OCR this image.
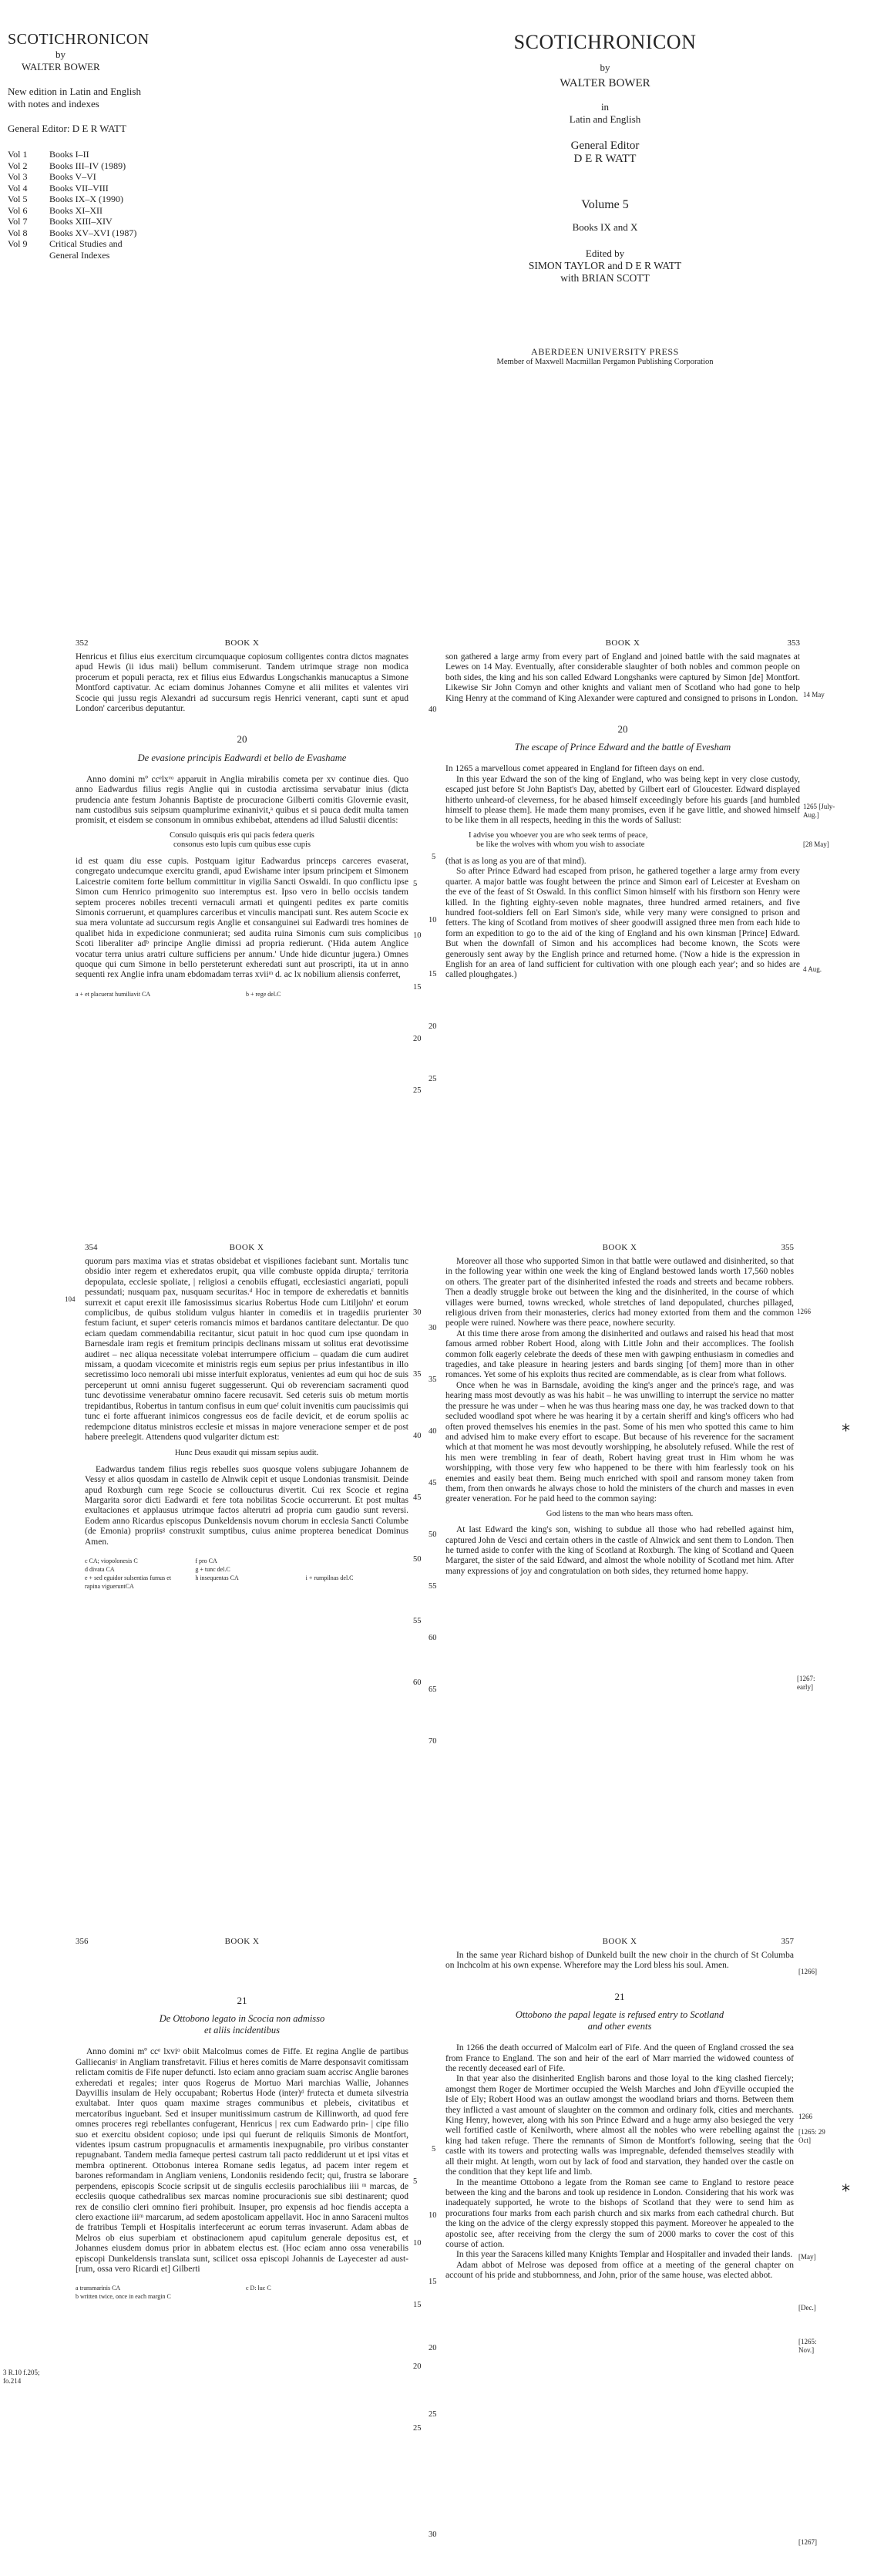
SCOTICHRONICON

by

WALTER BOWER

New edition in Latin and English

with notes and indexes

General Editor: D E R WATT

Vol 1	Books I–II
Vol 2	Books III–IV (1989)
Vol 3	Books V–VI
Vol 4	Books VII–VIII
Vol 5	Books IX–X (1990)
Vol 6	Books XI–XII
Vol 7	Books XIII–XIV
Vol 8	Books XV–XVI (1987)
Vol 9	Critical Studies and
General Indexes
SCOTICHRONICON
by
WALTER BOWER
in
Latin and English
General Editor
D E R WATT
Volume 5
Books IX and X
Edited by
SIMON TAYLOR and D E R WATT
with BRIAN SCOTT
ABERDEEN UNIVERSITY PRESS
Member of Maxwell Macmillan Pergamon Publishing Corporation
352	BOOK X

Henricus et filius eius exercitum circumquaque copiosum colligentes contra dictos magnates apud Hewis (ii idus maii) bellum commiserunt. Tandem utrimque strage non modica procerum et populi peracta, rex et filius eius Edwardus Longschankis manucaptus a Simone Montford captivatur. Ac eciam dominus Johannes Comyne et alii milites et valentes viri Scocie qui jussu regis Alexandri ad succursum regis Henrici venerant, capti sunt et apud London' carceribus deputantur.

20
De evasione principis Eadwardi et bello de Evashame

Anno domini mº ccᵉlxᵛᵒ apparuit in Anglia mirabilis cometa per xv continue dies. Quo anno Eadwardus filius regis Anglie qui in custodia arctissima servabatur inius (dicta prudencia ante festum Johannis Baptiste de procuracione Gilberti comitis Glovernie evasit, nam custodibus suis seipsum quamplurime exinanivit,ᵃ quibus et si pauca dedit multa tamen promisit, et eisdem se consonum in omnibus exhibebat, attendens ad illud Salustii dicentis:

Consulo quisquis eris qui pacis federa queris
consonus esto lupis cum quibus esse cupis

id est quam diu esse cupis. Postquam igitur Eadwardus princeps carceres evaserat, congregato undecumque exercitu grandi, apud Ewishame inter ipsum principem et Simonem Laicestrie comitem forte bellum committitur in vigilia Sancti Oswaldi. In quo conflictu ipse Simon cum Henrico primogenito suo interemptus est. Ipso vero in bello occisis tandem septem proceres nobiles trecenti vernaculi armati et quingenti pedites ex parte comitis Simonis corruerunt, et quamplures carceribus et vinculis mancipati sunt. Res autem Scocie ex sua mera voluntate ad succursum regis Anglie et consanguinei sui Eadwardi tres homines de qualibet hida in expedicione conmunierat; sed audita ruina Simonis cum suis complicibus Scoti liberaliter adᵇ principe Anglie dimissi ad propria redierunt. ('Hida autem Anglice vocatur terra unius aratri culture sufficiens per annum.' Unde hide dicuntur jugera.) Omnes quoque qui cum Simone in bello persteterunt exheredati sunt aut proscripti, ita ut in anno sequenti rex Anglie infra unam ebdomadam terras xviiᵐ d. ac lx nobilium aliensis conferret,

a + et placuerat humiliavit CA	b + rege del.C
5
10
15
20
25
BOOK X	353

son gathered a large army from every part of England and joined battle with the said magnates at Lewes on 14 May. Eventually, after considerable slaughter of both nobles and common people on both sides, the king and his son called Edward Longshanks were captured by Simon [de] Montfort. Likewise Sir John Comyn and other knights and valiant men of Scotland who had gone to help King Henry at the command of King Alexander were captured and consigned to prisons in London.

20
The escape of Prince Edward and the battle of Evesham

In 1265 a marvellous comet appeared in England for fifteen days on end.

In this year Edward the son of the king of England, who was being kept in very close custody, escaped just before St John Baptist's Day, abetted by Gilbert earl of Gloucester. Edward displayed hitherto unheard-of cleverness, for he abased himself exceedingly before his guards [and humbled himself to please them]. He made them many promises, even if he gave little, and showed himself to be like them in all respects, heeding in this the words of Sallust:

I advise you whoever you are who seek terms of peace,
be like the wolves with whom you wish to associate

(that is as long as you are of that mind).

So after Prince Edward had escaped from prison, he gathered together a large army from every quarter. A major battle was fought between the prince and Simon earl of Leicester at Evesham on the eve of the feast of St Oswald. In this conflict Simon himself with his firstborn son Henry were killed. In the fighting eighty-seven noble magnates, three hundred armed retainers, and five hundred foot-soldiers fell on Earl Simon's side, while very many were consigned to prison and fetters. The king of Scotland from motives of sheer goodwill assigned three men from each hide to form an expedition to go to the aid of the king of England and his own kinsman [Prince] Edward. But when the downfall of Simon and his accomplices had become known, the Scots were generously sent away by the English prince and returned home. ('Now a hide is the expression in English for an area of land sufficient for cultivation with one plough each year'; and so hides are called ploughgates.)

40
14 May
1265 [July-Aug.]
[28 May]
4 Aug.
5
10
15
20
25
104
354	BOOK X

quorum pars maxima vias et stratas obsidebat et vispiliones faciebant sunt. Mortalis tunc obsidio inter regem et exheredatos erupit, qua ville combuste oppida dirupta,ᶜ territoria depopulata, ecclesie spoliate, | religiosi a cenobiis effugati, ecclesiastici angariati, populi pessundati; nusquam pax, nusquam securitas.ᵈ Hoc in tempore de exheredatis et bannitis surrexit et caput erexit ille famosissimus sicarius Robertus Hode cum Litiljohn' et eorum complicibus, de quibus stolidum vulgus hianter in comediis et in tragediis prurienter festum faciunt, et superᵉ ceteris romancis mimos et bardanos cantitare delectantur. De quo eciam quedam commendabilia recitantur, sicut patuit in hoc quod cum ipse quondam in Barnesdale iram regis et fremitum principis declinans missam ut solitus erat devotissime audiret – nec aliqua necessitate volebat interrumpere officium – quadam die cum audiret missam, a quodam vicecomite et ministris regis eum sepius per prius infestantibus in illo secretissimo loco nemorali ubi misse interfuit exploratus, venientes ad eum qui hoc de suis perceperunt ut omni annisu fugeret suggesserunt. Qui ob reverenciam sacramenti quod tunc devotissime venerabatur omnino facere recusavit. Sed ceteris suis ob metum mortis trepidantibus, Robertus in tantum confisus in eum queᶠ coluit invenitis cum paucissimis qui tunc ei forte affuerant inimicos congressus eos de facile devicit, et de eorum spoliis ac redempcione ditatus ministros ecclesie et missas in majore veneracione semper et de post habere preelegit. Attendens quod vulgariter dictum est:

Hunc Deus exaudit qui missam sepius audit.

Eadwardus tandem filius regis rebelles suos quosque volens subjugare Johannem de Vessy et alios quosdam in castello de Alnwik cepit et usque Londonias transmisit. Deinde apud Roxburgh cum rege Scocie se colloucturus divertit. Cui rex Scocie et regina Margarita soror dicti Eadwardi et fere tota nobilitas Scocie occurrerunt. Et post multas exultaciones et applausus utrimque factos alterutri ad propria cum gaudio sunt reversi. Eodem anno Ricardus episcopus Dunkeldensis novum chorum in ecclesia Sancti Columbe (de Emonia) propriisᵍ construxit sumptibus, cuius anime propterea benedicat Dominus Amen.

c CA; viopolonesis C	f pro CA
d divata CA	g + tunc del.C
e + sed eguidor sulsentias fumus et rapina vigueruntCA
h insequentas CA	i + rumpilnas del.C
BOOK X	355

Moreover all those who supported Simon in that battle were outlawed and disinherited, so that in the following year within one week the king of England bestowed lands worth 17,560 nobles on others. The greater part of the disinherited infested the roads and streets and became robbers. Then a deadly struggle broke out between the king and the disinherited, in the course of which villages were burned, towns wrecked, whole stretches of land depopulated, churches pillaged, religious driven from their monasteries, clerics had money extorted from them and the common people were ruined. Nowhere was there peace, nowhere security.

At this time there arose from among the disinherited and outlaws and raised his head that most famous armed robber Robert Hood, along with Little John and their accomplices. The foolish common folk eagerly celebrate the deeds of these men with gawping enthusiasm in comedies and tragedies, and take pleasure in hearing jesters and bards singing [of them] more than in other romances. Yet some of his exploits thus recited are commendable, as is clear from what follows.

Once when he was in Barnsdale, avoiding the king's anger and the prince's rage, and was hearing mass most devoutly as was his habit – he was unwilling to interrupt the service no matter the pressure he was under – when he was thus hearing mass one day, he was tracked down to that secluded woodland spot where he was hearing it by a certain sheriff and king's officers who had often proved themselves his enemies in the past. Some of his men who spotted this came to him and advised him to make every effort to escape. But because of his reverence for the sacrament which at that moment he was most devoutly worshipping, he absolutely refused. While the rest of his men were trembling in fear of death, Robert having great trust in Him whom he was worshipping, with those very few who happened to be there with him fearlessly took on his enemies and easily beat them. Being much enriched with spoil and ransom money taken from them, from then onwards he always chose to hold the ministers of the church and masses in even greater veneration. For he paid heed to the common saying:

God listens to the man who hears mass often.

At last Edward the king's son, wishing to subdue all those who had rebelled against him, captured John de Vesci and certain others in the castle of Alnwick and sent them to London. Then he turned aside to confer with the king of Scotland at Roxburgh. The king of Scotland and Queen Margaret, the sister of the said Edward, and almost the whole nobility of Scotland met him. After many expressions of joy and congratulation on both sides, they returned home happy.

1266
*
[1267: early]
30
35
40
45
50
55
60
30
35
40
45
50
55
60
65
70
3 R.10 f.205; fo.214
356	BOOK X
21
De Ottobono legato in Scocia non admisso
et aliis incidentibus

Anno domini mº ccᵉ lxviᵒ obiit Malcolmus comes de Fiffe. Et regina Anglie de partibus Galliecanisᶜ in Angliam transfretavit. Filius et heres comitis de Marre desponsavit comitissam relictam comitis de Fife nuper defuncti. Isto eciam anno graciam suam accrisc Anglie barones exheredati et regales; inter quos Rogerus de Mortuo Mari marchias Wallie, Johannes Dayvillis insulam de Hely occupabant; Robertus Hode (inter)ᵈ frutecta et dumeta silvestria exultabat. Inter quos quam maxime strages communibus et plebeis, civitatibus et mercatoribus inguebant. Sed et insuper munitissimum castrum de Killinworth, ad quod fere omnes proceres regi rebellantes confugerant, Henricus | rex cum Eadwardo prin- | cipe filio suo et exercitu obsident copioso; unde ipsi qui fuerunt de reliquiis Simonis de Montfort, videntes ipsum castrum propugnaculis et armamentis inexpugnabile, pro viribus constanter repugnabant. Tandem media fameque pertesi castrum tali pacto reddiderunt ut et ipsi vitas et membra optinerent. Ottobonus interea Romane sedis legatus, ad pacem inter regem et barones reformandam in Angliam veniens, Londoniis residendo fecit; qui, frustra se laborare perpendens, episcopis Scocie scripsit ut de singulis ecclesiis parochialibus iiii ᵐ marcas, de ecclesiis quoque cathedralibus sex marcas nomine procuracionis sue sibi destinarent; quod rex de consilio cleri omnino fieri prohibuit. Insuper, pro expensis ad hoc fiendis accepta a clero exactione iiiᵐ marcarum, ad sedem apostolicam appellavit. Hoc in anno Saraceni multos de fratribus Templi et Hospitalis interfecerunt ac eorum terras invaserunt. Adam abbas de Melros ob eius superbiam et obstinacionem apud capitulum generale depositus est, et Johannes eiusdem domus prior in abbatem electus est. (Hoc eciam anno ossa venerabilis episcopi Dunkeldensis translata sunt, scilicet ossa episcopi Johannis de Layecester ad aust-[rum, ossa vero Ricardi et] Gilberti

a transmarinis CA	c D: luc C
b written twice, once in each margin C
BOOK X	357

In the same year Richard bishop of Dunkeld built the new choir in the church of St Columba on Inchcolm at his own expense. Wherefore may the Lord bless his soul. Amen.

21
Ottobono the papal legate is refused entry to Scotland
and other events

In 1266 the death occurred of Malcolm earl of Fife. And the queen of England crossed the sea from France to England. The son and heir of the earl of Marr married the widowed countess of the recently deceased earl of Fife.

In that year also the disinherited English barons and those loyal to the king clashed fiercely; amongst them Roger de Mortimer occupied the Welsh Marches and John d'Eyville occupied the Isle of Ely; Robert Hood was an outlaw amongst the woodland briars and thorns. Between them they inflicted a vast amount of slaughter on the common and ordinary folk, cities and merchants. King Henry, however, along with his son Prince Edward and a huge army also besieged the very well fortified castle of Kenilworth, where almost all the nobles who were rebelling against the king had taken refuge. There the remnants of Simon de Montfort's following, seeing that the castle with its towers and protecting walls was impregnable, defended themselves steadily with all their might. At length, worn out by lack of food and starvation, they handed over the castle on the condition that they kept life and limb.

In the meantime Ottobono a legate from the Roman see came to England to restore peace between the king and the barons and took up residence in London. Considering that his work was inadequately supported, he wrote to the bishops of Scotland that they were to send him as procurations four marks from each parish church and six marks from each cathedral church. But the king on the advice of the clergy expressly stopped this payment. Moreover he appealed to the apostolic see, after receiving from the clergy the sum of 2000 marks to cover the cost of this course of action.

In this year the Saracens killed many Knights Templar and Hospitaller and invaded their lands.

Adam abbot of Melrose was deposed from office at a meeting of the general chapter on account of his pride and stubbornness, and John, prior of the same house, was elected abbot.

[1266]
1266
[1265: 29 Oct]
*
[May]
[Dec.]
[1265: Nov.]
[1267]
5
10
15
20
25
5
10
15
20
25
30
